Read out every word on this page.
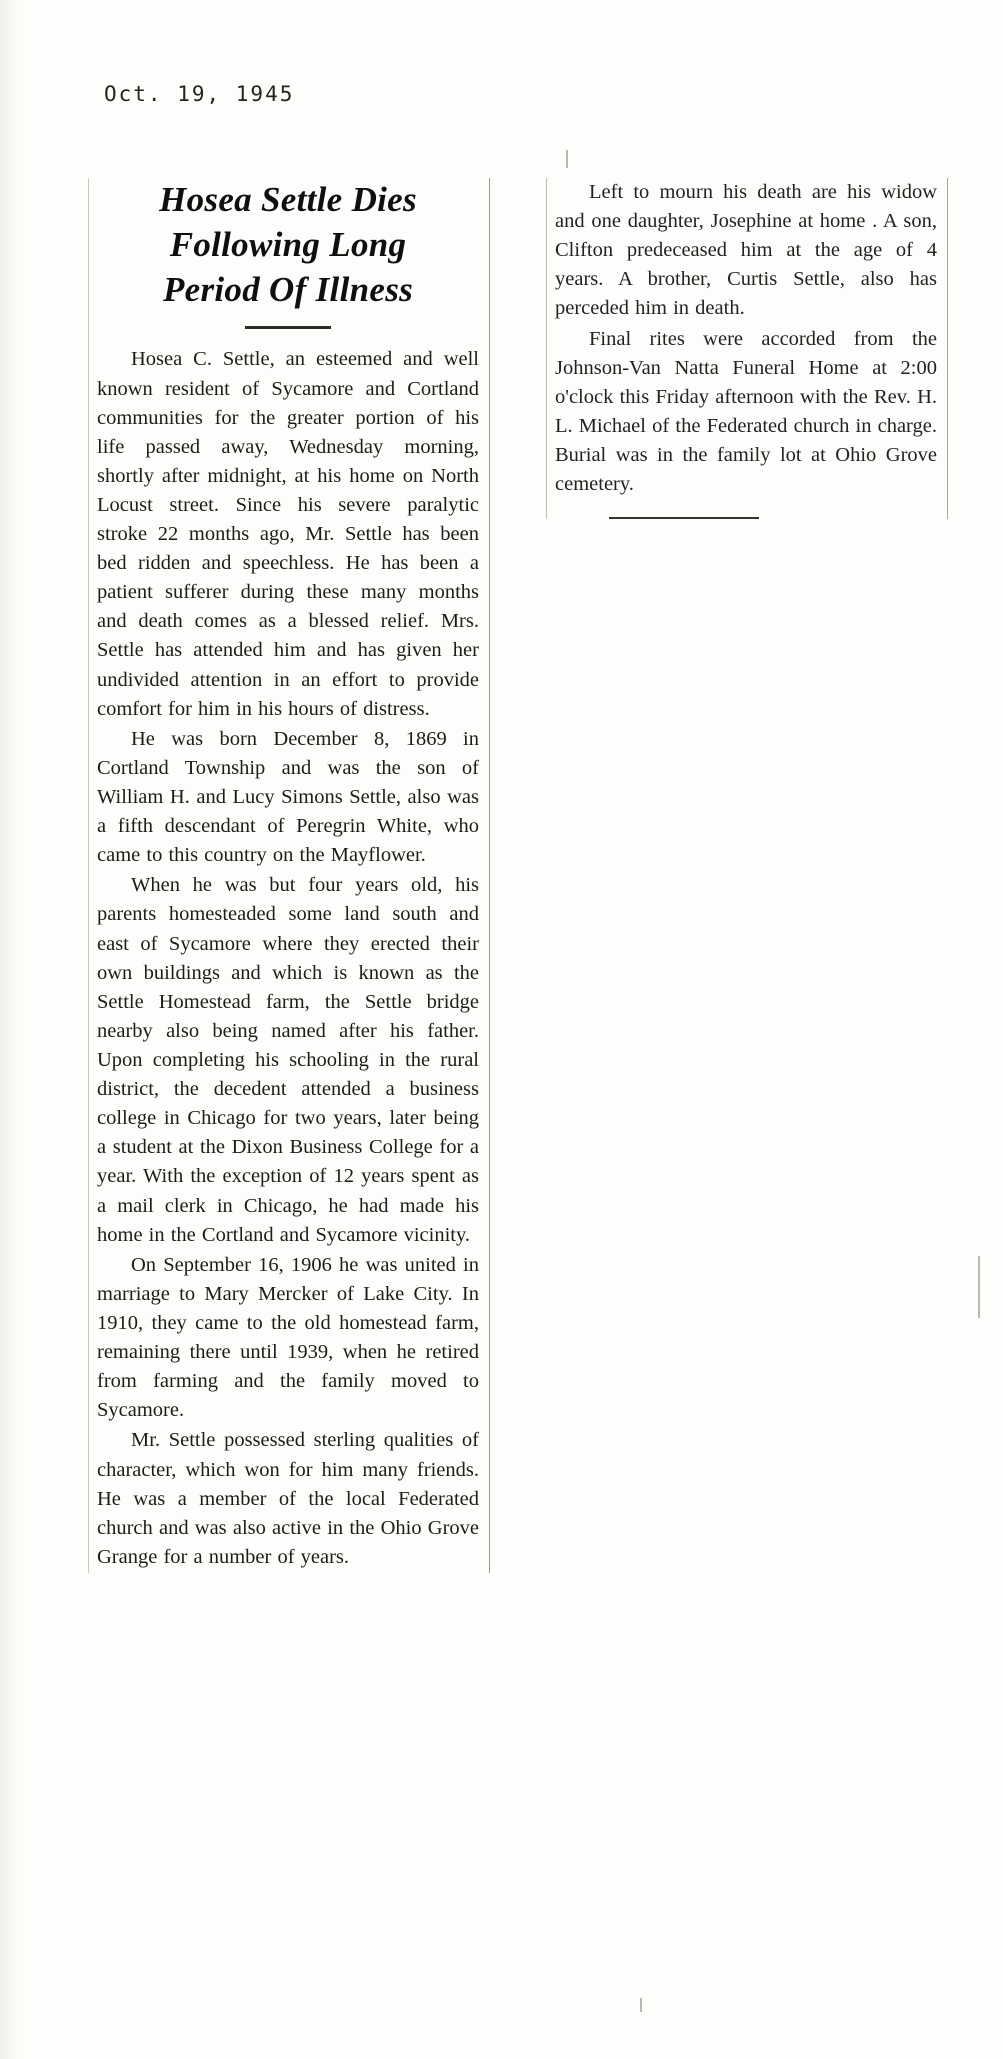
Oct. 19, 1945
Hosea Settle Dies
Following Long
Period Of Illness

Hosea C. Settle, an esteemed and well known resident of Sycamore and Cortland communities for the greater portion of his life passed away, Wednesday morning, shortly after midnight, at his home on North Locust street. Since his severe paralytic stroke 22 months ago, Mr. Settle has been bed ridden and speechless. He has been a patient sufferer during these many months and death comes as a blessed relief. Mrs. Settle has attended him and has given her undivided attention in an effort to provide comfort for him in his hours of distress.

He was born December 8, 1869 in Cortland Township and was the son of William H. and Lucy Simons Settle, also was a fifth descendant of Peregrin White, who came to this country on the Mayflower.

When he was but four years old, his parents homesteaded some land south and east of Sycamore where they erected their own buildings and which is known as the Settle Homestead farm, the Settle bridge nearby also being named after his father. Upon completing his schooling in the rural district, the decedent attended a business college in Chicago for two years, later being a student at the Dixon Business College for a year. With the exception of 12 years spent as a mail clerk in Chicago, he had made his home in the Cortland and Sycamore vicinity.

On September 16, 1906 he was united in marriage to Mary Mercker of Lake City. In 1910, they came to the old homestead farm, remaining there until 1939, when he retired from farming and the family moved to Sycamore.

Mr. Settle possessed sterling qualities of character, which won for him many friends. He was a member of the local Federated church and was also active in the Ohio Grove Grange for a number of years.

Left to mourn his death are his widow and one daughter, Josephine at home . A son, Clifton predeceased him at the age of 4 years. A brother, Curtis Settle, also has perceded him in death.

Final rites were accorded from the Johnson-Van Natta Funeral Home at 2:00 o'clock this Friday afternoon with the Rev. H. L. Michael of the Federated church in charge. Burial was in the family lot at Ohio Grove cemetery.
